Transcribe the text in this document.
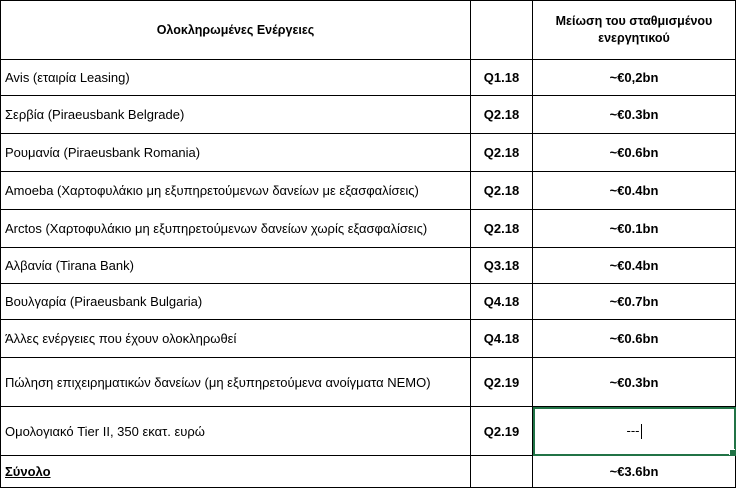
Ολοκληρωμένες Ενέργειες		Μείωση του σταθμισμένου ενεργητικού
Avis (εταιρία Leasing)	Q1.18	~€0,2bn
Σερβία (Piraeusbank Belgrade)	Q2.18	~€0.3bn
Ρουμανία (Piraeusbank Romania)	Q2.18	~€0.6bn
Amoeba (Χαρτοφυλάκιο μη εξυπηρετούμενων δανείων με εξασφαλίσεις)	Q2.18	~€0.4bn
Arctos (Χαρτοφυλάκιο μη εξυπηρετούμενων δανείων χωρίς εξασφαλίσεις)	Q2.18	~€0.1bn
Αλβανία (Tirana Bank)	Q3.18	~€0.4bn
Βουλγαρία (Piraeusbank Bulgaria)	Q4.18	~€0.7bn
Άλλες ενέργειες που έχουν ολοκληρωθεί	Q4.18	~€0.6bn
Πώληση επιχειρηματικών δανείων (μη εξυπηρετούμενα ανοίγματα NEMO)	Q2.19	~€0.3bn
Ομολογιακό Tier II, 350 εκατ. ευρώ	Q2.19	---

Σύνολο		~€3.6bn
